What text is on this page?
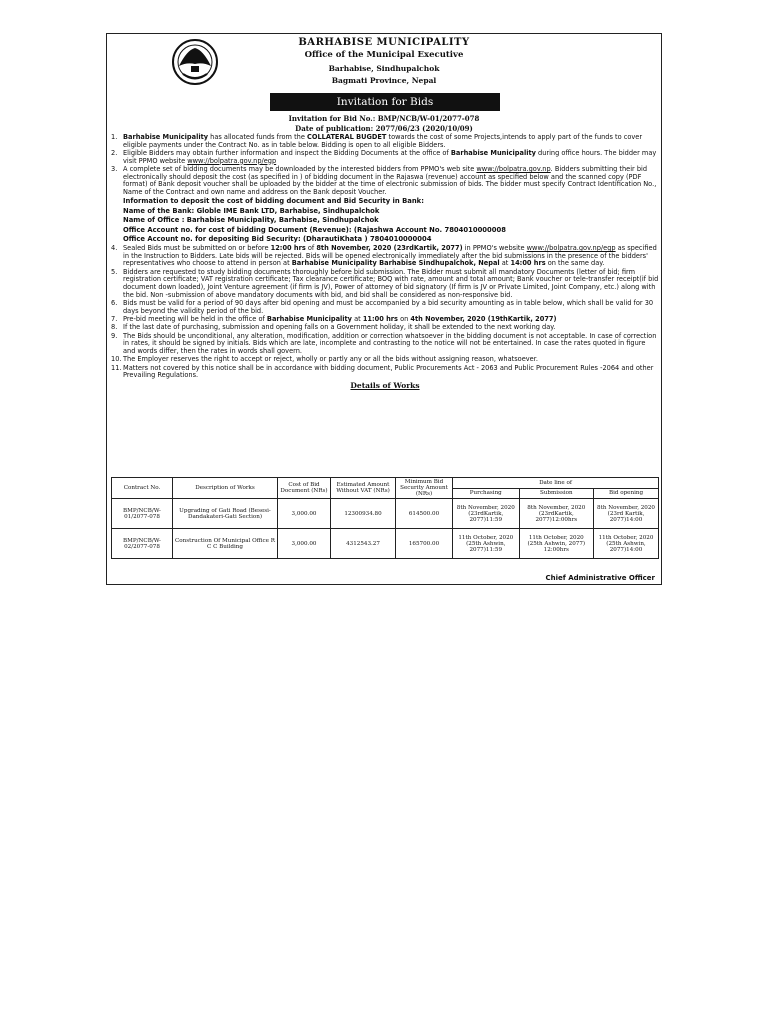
BARHABISE MUNICIPALITY
Office of the Municipal Executive
Barhabise, Sindhupalchok
Bagmati Province, Nepal
Invitation for Bids
Invitation for Bid No.: BMP/NCB/W-01/2077-078
Date of publication: 2077/06/23 (2020/10/09)
1. Barhabise Municipality has allocated funds from the COLLATERAL BUGDET towards the cost of some Projects,intends to apply part of the funds to cover eligible payments under the Contract No. as in table below. Bidding is open to all eligible Bidders.
2. Eligible Bidders may obtain further information and inspect the Bidding Documents at the office of Barhabise Municipality during office hours. The bidder may visit PPMO website www://bolpatra.gov.np/egp
3. A complete set of bidding documents may be downloaded by the interested bidders from PPMO's web site www://bolpatra.gov.np. Bidders submitting their bid electronically should deposit the cost (as specified in ) of bidding document in the Rajaswa (revenue) account as specified below and the scanned copy (PDF format) of Bank deposit voucher shall be uploaded by the bidder at the time of electronic submission of bids. The bidder must specify Contract Identification No., Name of the Contract and own name and address on the Bank deposit Voucher.
Information to deposit the cost of bidding document and Bid Security in Bank:
Name of the Bank: Globle IME Bank LTD, Barhabise, Sindhupalchok
Name of Office : Barhabise Municipality, Barhabise, Sindhupalchok
Office Account no. for cost of bidding Document (Revenue): (Rajashwa Account No. 7804010000008
Office Account no. for depositing Bid Security: (DharautiKhata ) 7804010000004
4. Sealed Bids must be submitted on or before 12:00 hrs of 8th November, 2020 (23rdKartik, 2077) in PPMO's website www://bolpatra.gov.np/egp as specified in the Instruction to Bidders. Late bids will be rejected. Bids will be opened electronically immediately after the bid submissions in the presence of the bidders' representatives who choose to attend in person at Barhabise Municipality Barhabise Sindhupalchok, Nepal at 14:00 hrs on the same day.
5. Bidders are requested to study bidding documents thoroughly before bid submission. The Bidder must submit all mandatory Documents (letter of bid; firm registration certificate; VAT registration certificate; Tax clearance certificate; BOQ with rate, amount and total amount; Bank voucher or tele-transfer receipt(if bid document down loaded), Joint Venture agreement (if firm is JV), Power of attorney of bid signatory (If firm is JV or Private Limited, Joint Company, etc.) along with the bid. Non -submission of above mandatory documents with bid, and bid shall be considered as non-responsive bid.
6. Bids must be valid for a period of 90 days after bid opening and must be accompanied by a bid security amounting as in table below, which shall be valid for 30 days beyond the validity period of the bid.
7. Pre-bid meeting will be held in the office of Barhabise Municipality at 11:00 hrs on 4th November, 2020 (19thKartik, 2077)
8. If the last date of purchasing, submission and opening falls on a Government holiday, it shall be extended to the next working day.
9. The Bids should be unconditional, any alteration, modification, addition or correction whatsoever in the bidding document is not acceptable. In case of correction in rates, it should be signed by initials. Bids which are late, incomplete and contrasting to the notice will not be entertained. In case the rates quoted in figure and words differ, then the rates in words shall govern.
10. The Employer reserves the right to accept or reject, wholly or partly any or all the bids without assigning reason, whatsoever.
11. Matters not covered by this notice shall be in accordance with bidding document, Public Procurements Act - 2063 and Public Procurement Rules -2064 and other Prevailing Regulations.
Details of Works
Contract No.	Description of Works	Cost of Bid Document (NRs)	Estimated Amount Without VAT (NRs)	Minimum Bid Security Amount (NRs)	Date line of		
					Purchasing	Submission	Bid opening
BMP/NCB/W-01/2077-078	Upgrading of Gati Road (Besesi-Dandakateri-Gati Section)	3,000.00	12300934.80	614500.00	8th November, 2020 (23rdKartik, 2077)11:59	8th November, 2020 (23rdKartik, 2077)12:00hrs	8th November, 2020 (23rd Kartik, 2077)14:00
BMP/NCB/W-02/2077-078	Construction Of Municipal Office R C C Building	3,000.00	4312543.27	165700.00	11th October, 2020 (25th Ashwin, 2077)11:59	11th October, 2020 (25th Ashwin, 2077) 12:00hrs	11th October, 2020 (25th Ashwin, 2077)14:00
Chief Administrative Officer
